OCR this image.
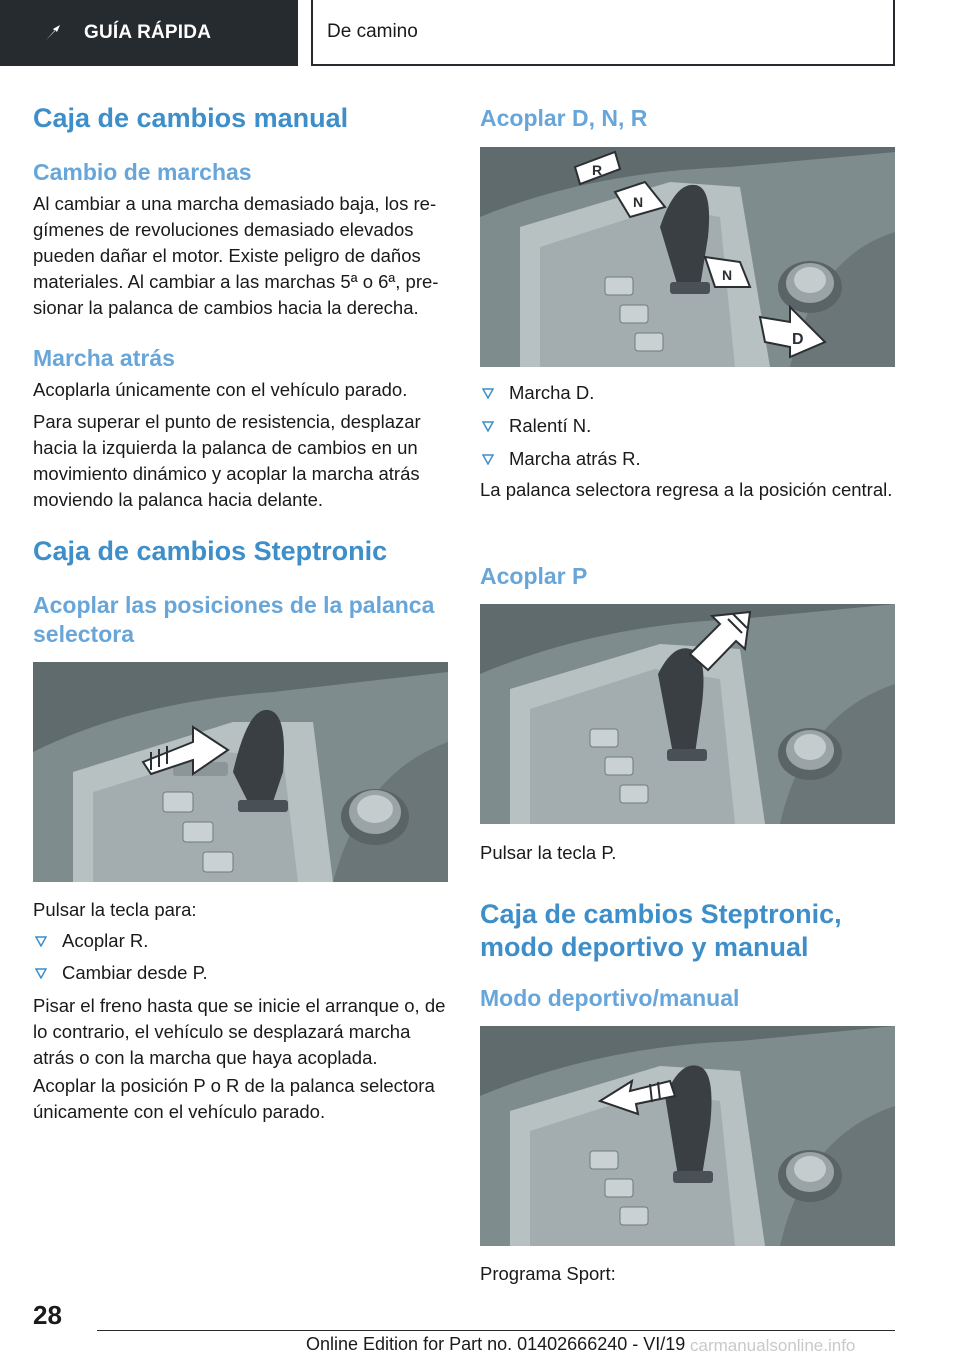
GUÍA RÁPIDA	De camino
Caja de cambios manual
Cambio de marchas

Al cambiar a una marcha demasiado baja, los regímenes de revoluciones demasiado elevados pueden dañar el motor. Existe peligro de daños materiales. Al cambiar a las marchas 5ª o 6ª, presionar la palanca de cambios hacia la derecha.

Marcha atrás

Acoplarla únicamente con el vehículo parado.

Para superar el punto de resistencia, desplazar hacia la izquierda la palanca de cambios en un movimiento dinámico y acoplar la marcha atrás moviendo la palanca hacia delante.

Caja de cambios Steptronic
Acoplar las posiciones de la palanca selectora

Pulsar la tecla para:

Acoplar R.
Cambiar desde P.

Pisar el freno hasta que se inicie el arranque o, de lo contrario, el vehículo se desplazará marcha atrás o con la marcha que haya acoplada.

Acoplar la posición P o R de la palanca selectora únicamente con el vehículo parado.

Acoplar D, N, R
R
N
N
D
Marcha D.
Ralentí N.
Marcha atrás R.

La palanca selectora regresa a la posición central.

Acoplar P

Pulsar la tecla P.

Caja de cambios Steptronic, modo deportivo y manual
Modo deportivo/manual

Programa Sport:

28
Online Edition for Part no. 01402666240 - VI/19 carmanualsonline.info
